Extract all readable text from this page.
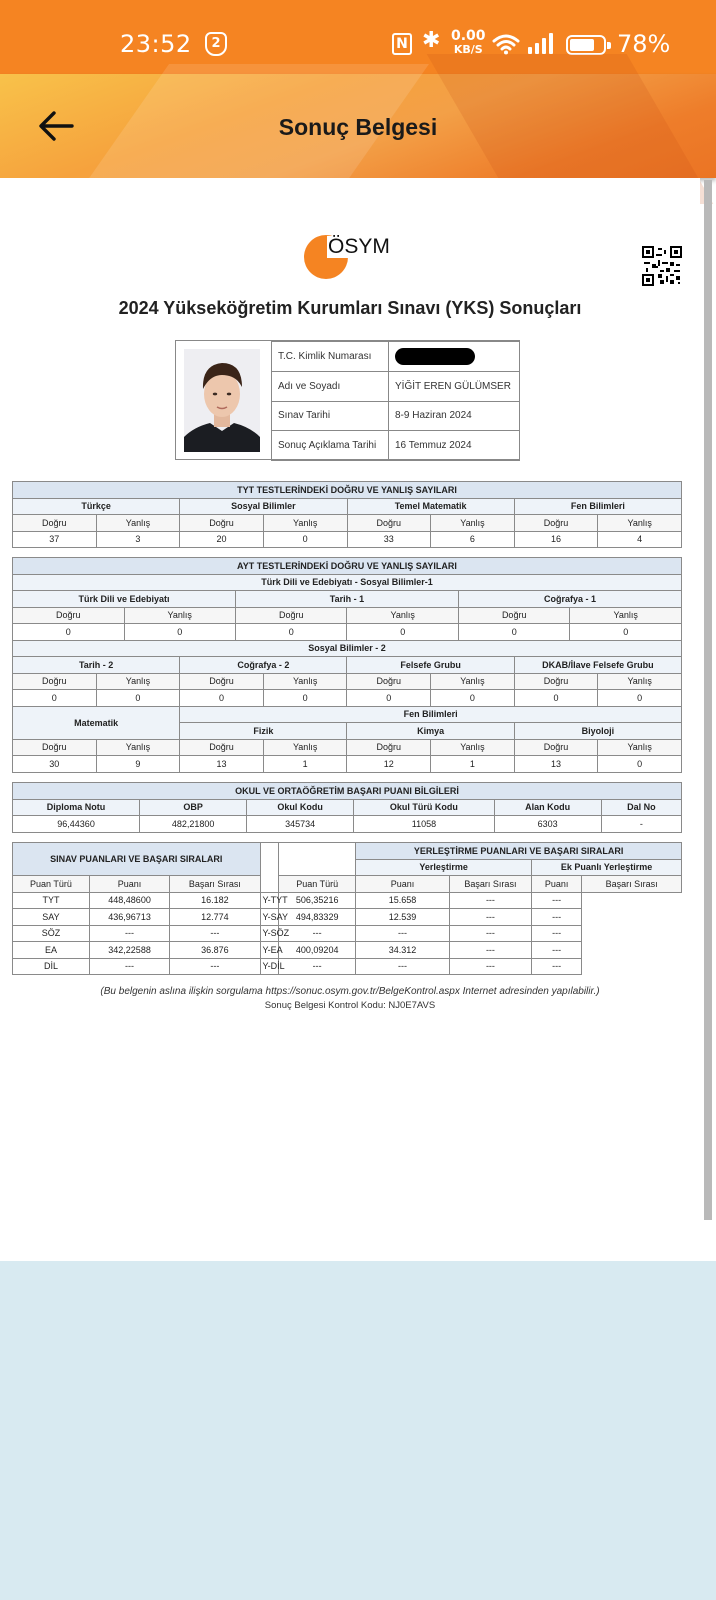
23:52	2	N ✱ 0.00
KB/S	78%
Sonuç Belgesi
ÖSYM
2024 Yükseköğretim Kurumları Sınavı (YKS) Sonuçları
T.C. Kimlik Numarası	
Adı ve Soyadı	YİĞİT EREN GÜLÜMSER
Sınav Tarihi	8-9 Haziran 2024
Sonuç Açıklama Tarihi	16 Temmuz 2024
TYT TESTLERİNDEKİ DOĞRU VE YANLIŞ SAYILARI							
Türkçe		Sosyal Bilimler		Temel Matematik		Fen Bilimleri	
Doğru	Yanlış	Doğru	Yanlış	Doğru	Yanlış	Doğru	Yanlış
37	3	20	0	33	6	16	4
AYT TESTLERİNDEKİ DOĞRU VE YANLIŞ SAYILARI											
Türk Dili ve Edebiyatı - Sosyal Bilimler-1											
Türk Dili ve Edebiyatı				Tarih - 1				Coğrafya - 1			
Doğru		Yanlış		Doğru		Yanlış		Doğru		Yanlış	
0		0		0		0		0		0	
Sosyal Bilimler - 2											
Tarih - 2			Coğrafya - 2			Felsefe Grubu			DKAB/İlave Felsefe Grubu		
Doğru	Yanlış		Doğru		Yanlış	Doğru	Yanlış		Doğru		Yanlış
0	0		0		0	0	0		0		0
Matematik			Fen Bilimleri								
			Fizik			Kimya			Biyoloji		
Doğru	Yanlış		Doğru		Yanlış	Doğru	Yanlış		Doğru		Yanlış
30	9		13		1	12	1		13		0
OKUL VE ORTAÖĞRETİM BAŞARI PUANI BİLGİLERİ					
Diploma Notu	OBP	Okul Kodu	Okul Türü Kodu	Alan Kodu	Dal No
96,44360	482,21800	345734	11058	6303	-
SINAV PUANLARI VE BAŞARI SIRALARI					YERLEŞTİRME PUANLARI VE BAŞARI SIRALARI			
					Yerleştirme		Ek Puanlı Yerleştirme	
Puan Türü	Puanı	Başarı Sırası		Puan Türü	Puanı	Başarı Sırası	Puanı	Başarı Sırası
TYT	448,48600	16.182	Y-TYT	506,35216	15.658	---	---	
SAY	436,96713	12.774	Y-SAY	494,83329	12.539	---	---	
SÖZ	---	---	Y-SÖZ	---	---	---	---	
EA	342,22588	36.876	Y-EA	400,09204	34.312	---	---	
DİL	---	---	Y-DİL	---	---	---	---	
(Bu belgenin aslına ilişkin sorgulama https://sonuc.osym.gov.tr/BelgeKontrol.aspx Internet adresinden yapılabilir.)
Sonuç Belgesi Kontrol Kodu: NJ0E7AVS
